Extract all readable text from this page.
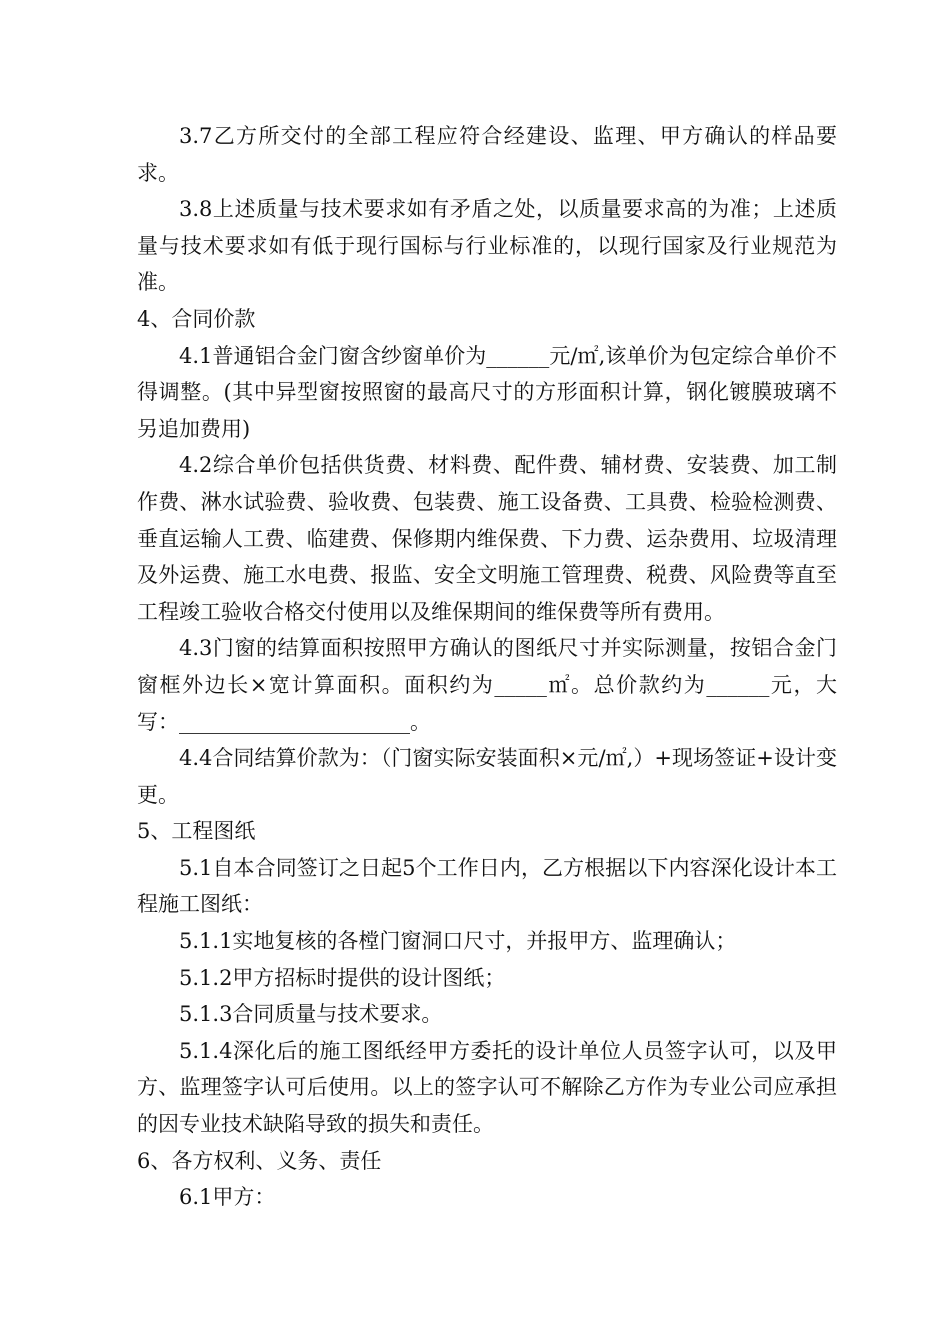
3.7乙方所交付的全部工程应符合经建设、监理、甲方确认的样品要求。

3.8上述质量与技术要求如有矛盾之处，以质量要求高的为准；上述质量与技术要求如有低于现行国标与行业标准的，以现行国家及行业规范为准。

4、合同价款

4.1普通铝合金门窗含纱窗单价为______元/㎡,该单价为包定综合单价不得调整。(其中异型窗按照窗的最高尺寸的方形面积计算，钢化镀膜玻璃不另追加费用)

4.2综合单价包括供货费、材料费、配件费、辅材费、安装费、加工制作费、淋水试验费、验收费、包装费、施工设备费、工具费、检验检测费、垂直运输人工费、临建费、保修期内维保费、下力费、运杂费用、垃圾清理及外运费、施工水电费、报监、安全文明施工管理费、税费、风险费等直至工程竣工验收合格交付使用以及维保期间的维保费等所有费用。

4.3门窗的结算面积按照甲方确认的图纸尺寸并实际测量，按铝合金门窗框外边长×宽计算面积。面积约为_____㎡。总价款约为______元，大写：______________________。

4.4合同结算价款为：（门窗实际安装面积×元/㎡,）+现场签证+设计变更。

5、工程图纸

5.1自本合同签订之日起5个工作日内，乙方根据以下内容深化设计本工程施工图纸：

5.1.1实地复核的各樘门窗洞口尺寸，并报甲方、监理确认；

5.1.2甲方招标时提供的设计图纸；

5.1.3合同质量与技术要求。

5.1.4深化后的施工图纸经甲方委托的设计单位人员签字认可，以及甲方、监理签字认可后使用。以上的签字认可不解除乙方作为专业公司应承担的因专业技术缺陷导致的损失和责任。

6、各方权利、义务、责任

6.1甲方：
